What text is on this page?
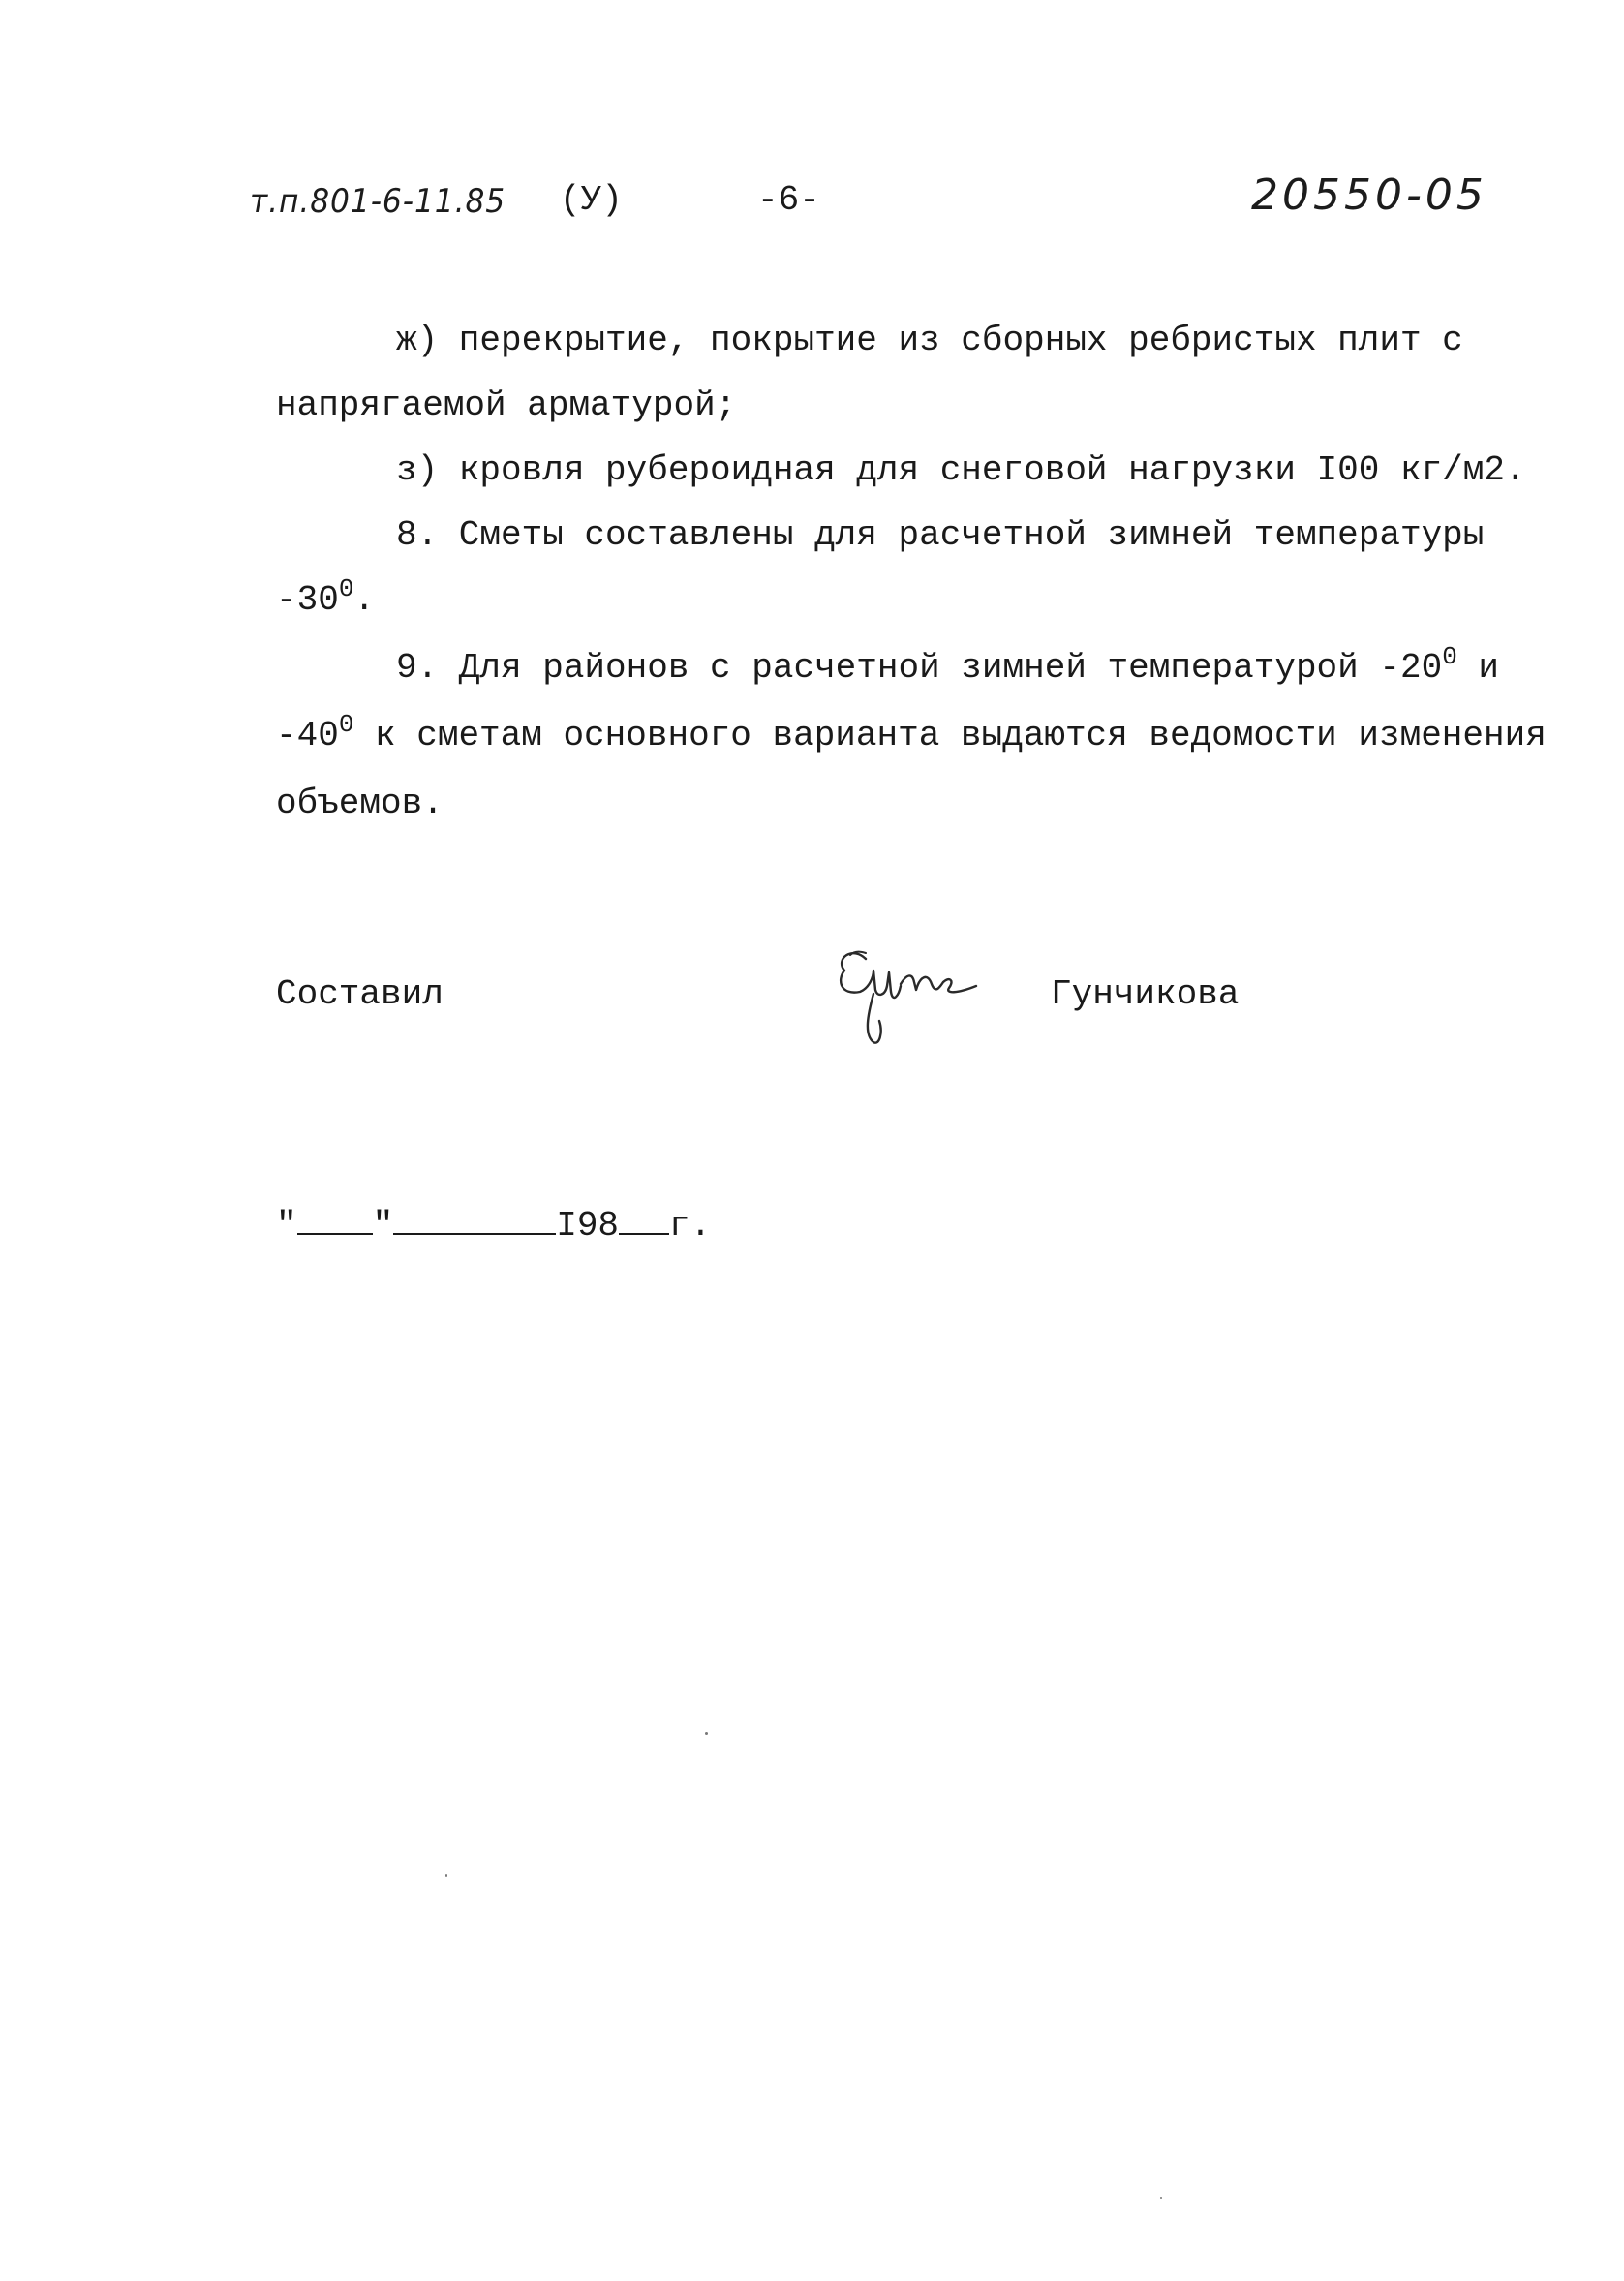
т.п.801-6-11.85 (У)	-6-	20550-05

ж) перекрытие, покрытие из сборных ребристых плит с

напрягаемой арматурой;

з) кровля рубероидная для снеговой нагрузки I00 кг/м2.

8. Сметы составлены для расчетной зимней температуры

$-30^0$.

9. Для районов с расчетной зимней температурой $-20^0$ и

$-40^0$ к сметам основного варианта выдаются ведомости изменения

объемов.

Составил	Гунчикова
" "	I98 г.
